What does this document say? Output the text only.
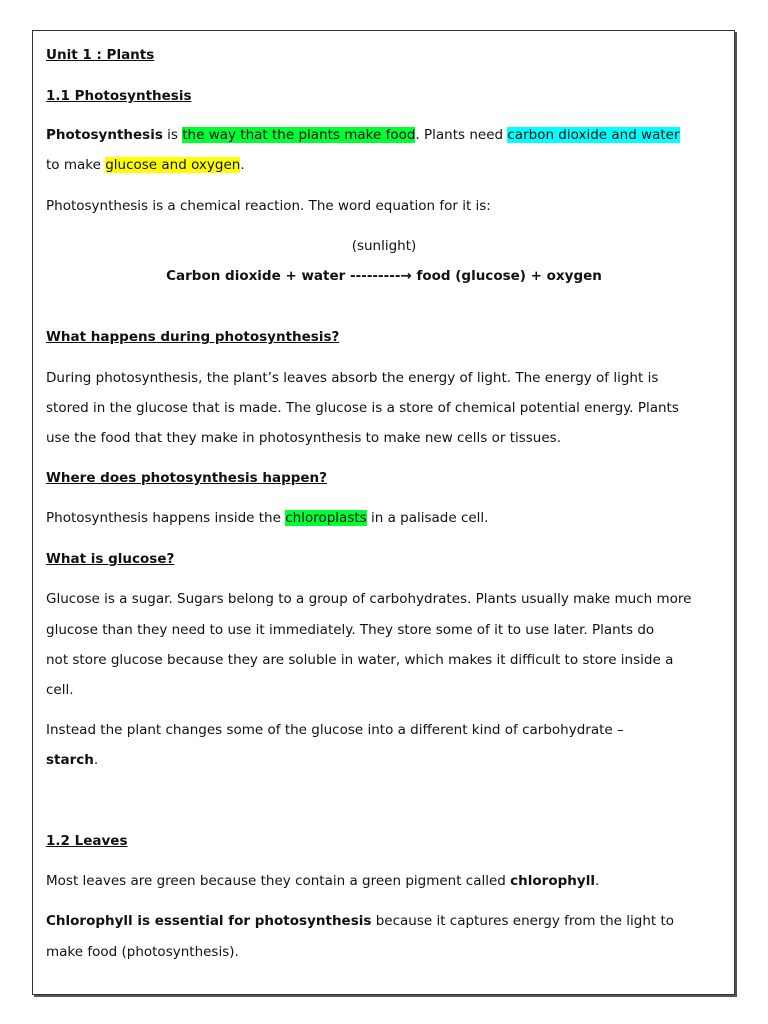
Unit 1 : Plants
1.1 Photosynthesis
Photosynthesis is the way that the plants make food. Plants need carbon dioxide and water
to make glucose and oxygen.
Photosynthesis is a chemical reaction. The word equation for it is:
(sunlight)
Carbon dioxide + water ---------→ food (glucose) + oxygen
What happens during photosynthesis?
During photosynthesis, the plant’s leaves absorb the energy of light. The energy of light is
stored in the glucose that is made. The glucose is a store of chemical potential energy. Plants
use the food that they make in photosynthesis to make new cells or tissues.
Where does photosynthesis happen?
Photosynthesis happens inside the chloroplasts in a palisade cell.
What is glucose?
Glucose is a sugar. Sugars belong to a group of carbohydrates. Plants usually make much more
glucose than they need to use it immediately. They store some of it to use later. Plants do
not store glucose because they are soluble in water, which makes it difficult to store inside a
cell.
Instead the plant changes some of the glucose into a different kind of carbohydrate –
starch.
1.2 Leaves
Most leaves are green because they contain a green pigment called chlorophyll.
Chlorophyll is essential for photosynthesis because it captures energy from the light to
make food (photosynthesis).
